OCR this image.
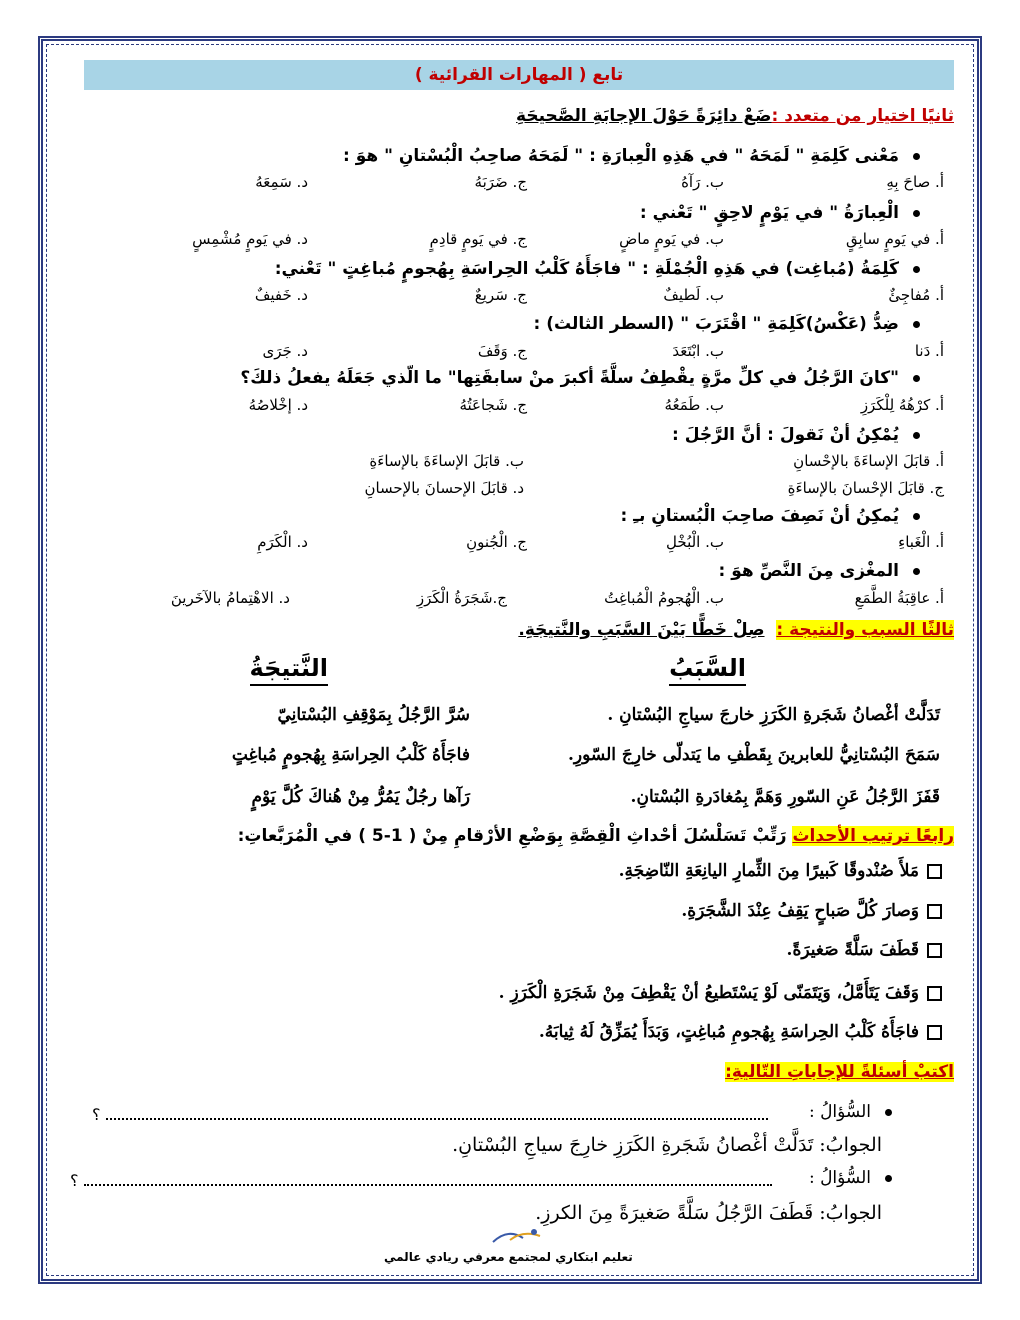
تابع ( المهارات القرائية )
ثانيًا اختيار من متعدد :ضَعْ دائِرَةً حَوْلَ الإجابَةِ الصَّحيحَةِ
مَعْنى كَلِمَةِ " لَمَحَهُ " في هَذِهِ الْعِبارَةِ : " لَمَحَهُ صاحِبُ الْبُسْتانِ " هوَ :
أ. صاحَ بِهِ
ب. رَآهُ
ج. ضَرَبَهُ
د. سَمِعَهُ
الْعِبارَةُ " في يَوْمٍ لاحِقٍ " تَعْني :
أ. في يَومٍ سابِقٍ
ب. في يَومٍ ماضٍ
ج. في يَومٍ قادِمٍ
د. في يَومٍ مُشْمِسٍ
كَلِمَةُ (مُباغِت) في هَذِهِ الْجُمْلَةِ : " فاجَأَهُ كَلْبُ الحِراسَةِ بِهُجومٍ مُباغِتٍ " تَعْني:
أ. مُفاجِئٌ
ب. لَطيفٌ
ج. سَريعٌ
د. خَفيفٌ
ضِدُّ (عَكْسُ)كَلِمَةِ " اقْتَرَبَ " (السطر الثالث) :
أ. دَنا
ب. ابْتَعَدَ
ج. وَقَفَ
د. جَرَى
"كانَ الرَّجُلُ في كلِّ مرَّةٍ يقْطِفُ سلَّةً أكبرَ منْ سابقَتِها" ما الّذي جَعَلَهُ يفعلُ ذلكَ؟
أ. كرْهُهُ لِلْكَرَزِ
ب. طَمَعُهُ
ج. شَجاعَتُهُ
د. إخْلاصُهُ
يُمْكِنُ أنْ نَقولَ : أنَّ الرَّجُلَ :
أ. قابَلَ الإساءَةَ بالإحْسانِ
ب. قابَلَ الإساءَةَ بالإساءَةِ
ج. قابَلَ الإحْسانَ بالإساءَةِ
د. قابَلَ الإحسانَ بالإحسانِ
يُمكِنُ أنْ نَصِفَ صاحِبَ الْبُستانِ بـِ :
أ. الْغَباءِ
ب. الْبُخْلِ
ج. الْجُنونِ
د. الْكَرَمِ
المغْزى مِنَ النَّصِّ هوَ :
أ. عاقِبَةُ الطَّمَعِ
ب. الْهُجومُ الْمُباغِتُ
ج.شَجَرَةُ الْكَرَزِ
د. الاهْتِمامُ بالآخَرينَ
ثالثًا السبب والنتيجة :  صِلْ خَطًّا بَيْنَ السَّبَبِ والنَّتيجَةِ.
السَّبَبُ
النَّتيجَةُ
تَدَلَّتْ أغْصانُ شَجَرةِ الكَرَزِ خارجَ سياجِ البُسْتانِ .
سَمَحَ البُسْتانِيُّ للعابرينَ بِقَطْفِ ما يَتدلّى خارِجَ السّورِ.
قَفَزَ الرَّجُلُ عَنِ السّورِ وَهَمَّ بِمُغادَرةِ البُسْتانِ.
سُرَّ الرَّجُلُ بِمَوْقِفِ البُسْتانِيّ
فاجَأَهُ كَلْبُ الحِراسَةِ بِهُجومٍ مُباغِتٍ
رَآها رجُلٌ يَمُرُّ مِنْ هُناكَ كُلَّ يَوْمٍ
رابعًا ترتيب الأحداث رَتِّبْ تَسَلْسُلَ أحْداثِ الْقِصَّةِ بِوَضْعِ الأرْقامِ مِنْ ( 1-5 ) في الْمُرَبَّعاتِ:
مَلأَ صُنْدوقًا كَبيرًا مِنَ الثِّمارِ اليانِعَةِ النّاضِجَةِ.
وَصارَ كُلَّ صَباحٍ يَقِفُ عِنْدَ الشَّجَرَةِ.
قَطَفَ سَلَّةً صَغيرَةً.
وَقَفَ يَتَأَمَّلُ، وَيَتَمَنّى لَوْ يَسْتَطيعُ أنْ يَقْطِفَ مِنْ شَجَرَةِ الْكَرَزِ .
فاجَأَهُ كَلْبُ الحِراسَةِ بِهُجومِ مُباغِتٍ، وَبَدَأَ يُمَزِّقُ لَهُ ثِيابَهُ.
اكتبْ أسئلةً للإجاباتِ التّاليةِ:
السُّؤالُ :
؟
الجوابُ: تَدَلَّتْ أغْصانُ شَجَرةِ الكَرَزِ خارِجَ سياجِ البُسْتانِ.
السُّؤالُ :
؟
الجوابُ: قَطَفَ الرَّجُلُ سَلَّةً صَغيرَةً مِنَ الكرزِ.
تعليم ابتكاري لمجتمع معرفي ريادي عالمي
